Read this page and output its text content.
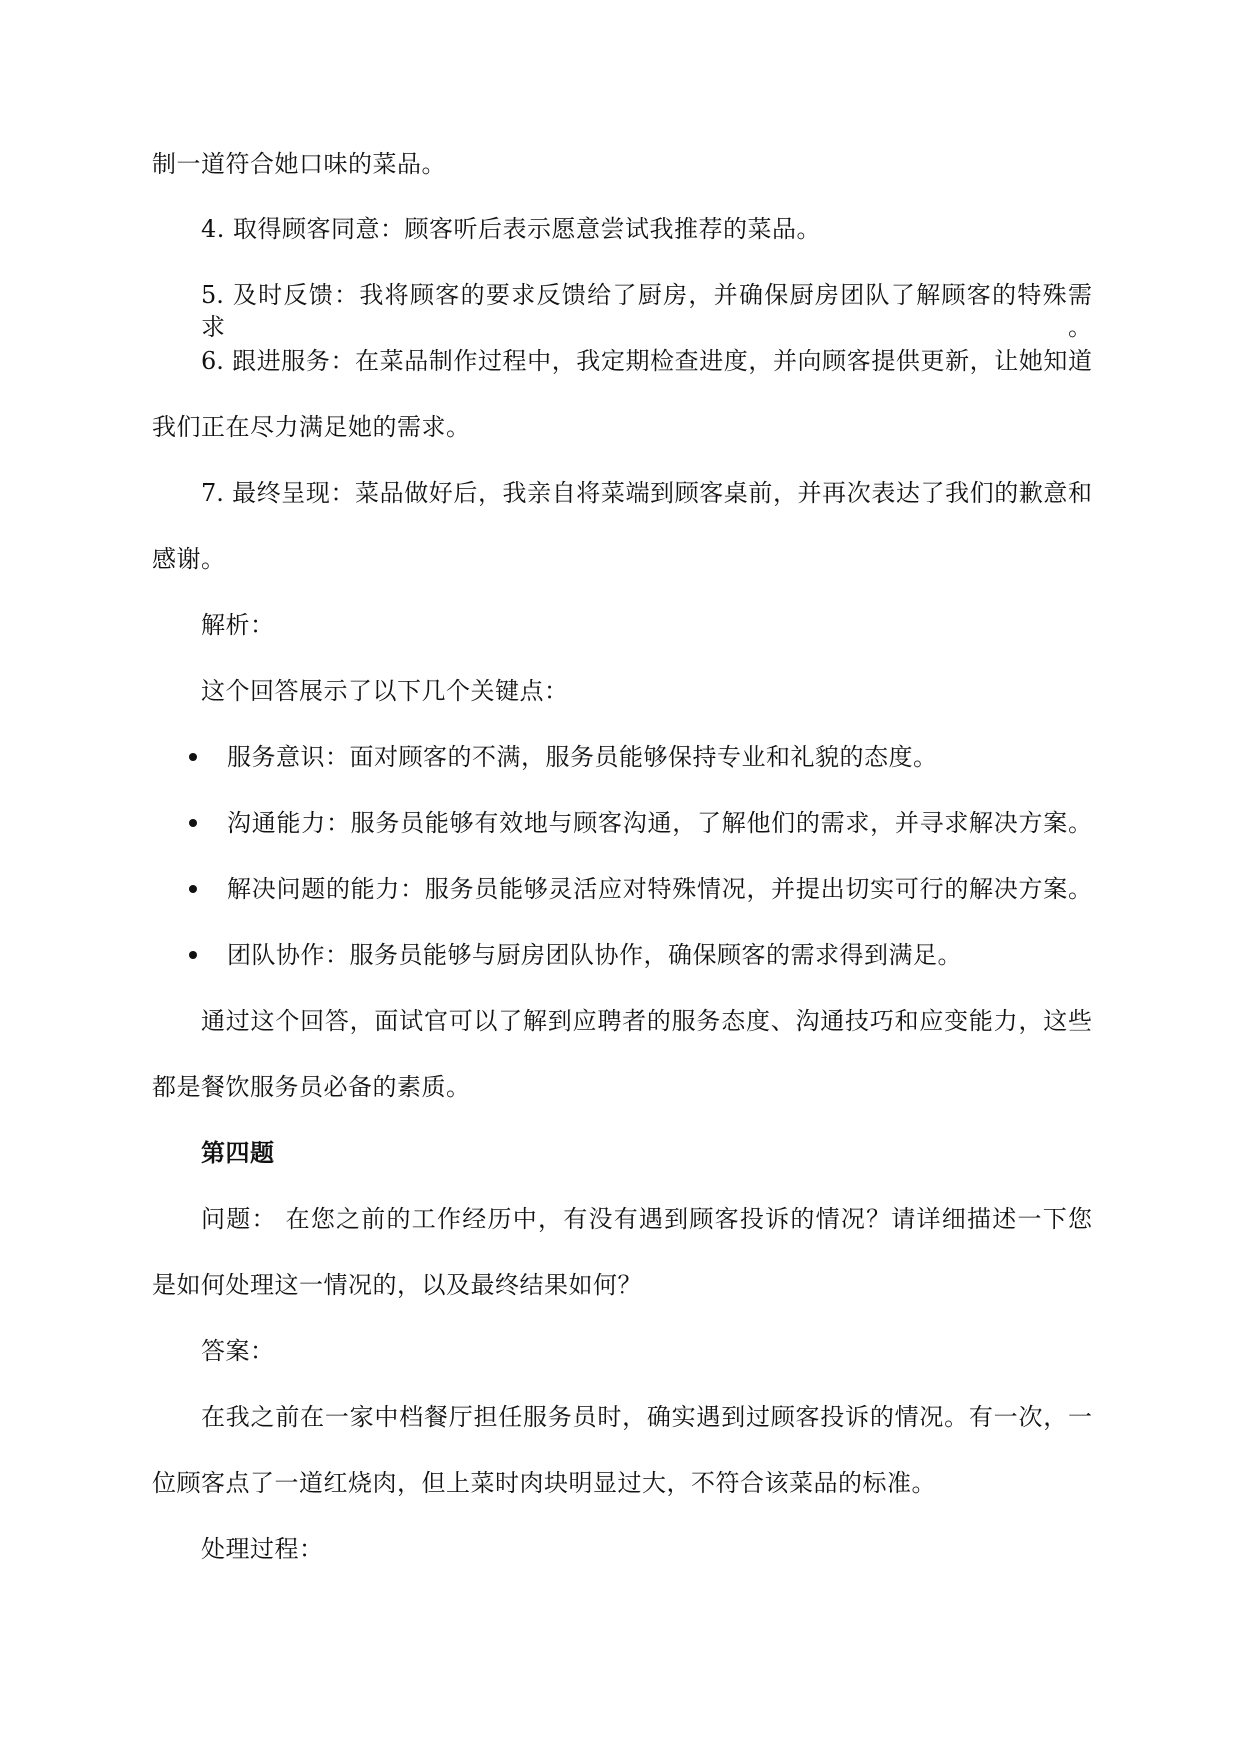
制一道符合她口味的菜品。
4. 取得顾客同意：顾客听后表示愿意尝试我推荐的菜品。
5. 及时反馈：我将顾客的要求反馈给了厨房，并确保厨房团队了解顾客的特殊需求。
6. 跟进服务：在菜品制作过程中，我定期检查进度，并向顾客提供更新，让她知道
我们正在尽力满足她的需求。
7. 最终呈现：菜品做好后，我亲自将菜端到顾客桌前，并再次表达了我们的歉意和
感谢。
解析：
这个回答展示了以下几个关键点：
服务意识：面对顾客的不满，服务员能够保持专业和礼貌的态度。
沟通能力：服务员能够有效地与顾客沟通，了解他们的需求，并寻求解决方案。
解决问题的能力：服务员能够灵活应对特殊情况，并提出切实可行的解决方案。
团队协作：服务员能够与厨房团队协作，确保顾客的需求得到满足。
通过这个回答，面试官可以了解到应聘者的服务态度、沟通技巧和应变能力，这些
都是餐饮服务员必备的素质。
第四题
问题： 在您之前的工作经历中，有没有遇到顾客投诉的情况？请详细描述一下您
是如何处理这一情况的，以及最终结果如何？
答案：
在我之前在一家中档餐厅担任服务员时，确实遇到过顾客投诉的情况。有一次，一
位顾客点了一道红烧肉，但上菜时肉块明显过大，不符合该菜品的标准。
处理过程：
